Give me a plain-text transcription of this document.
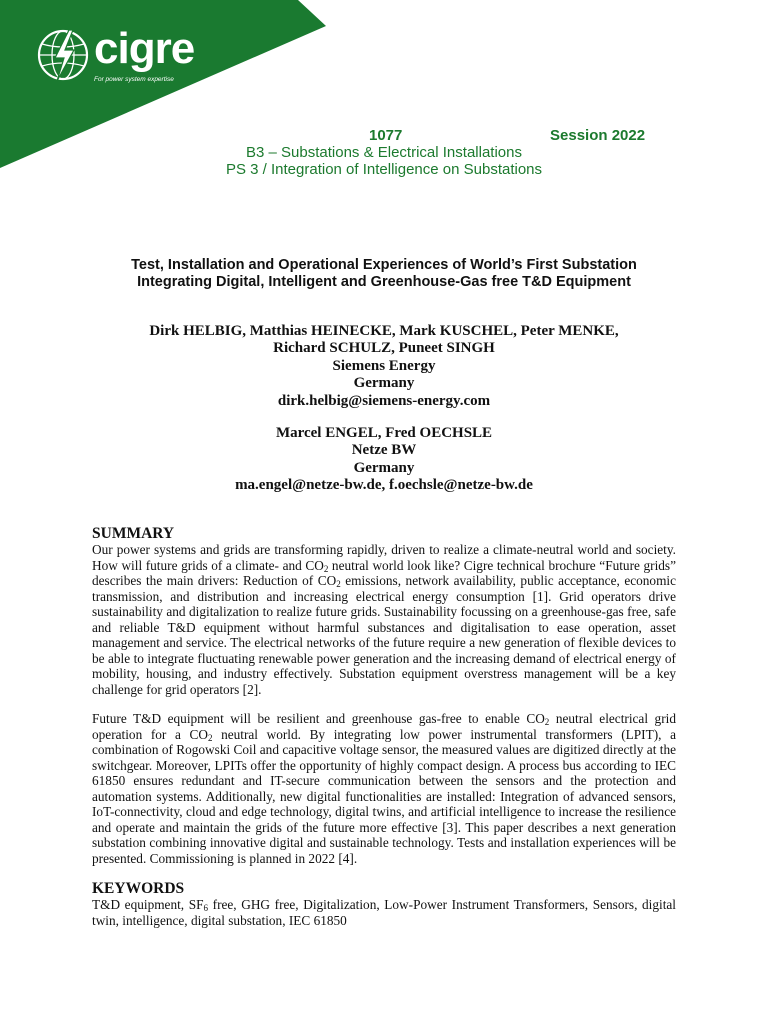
cigre
For power system expertise
1077	Session 2022
B3 – Substations & Electrical Installations
PS 3 / Integration of Intelligence on Substations
Test, Installation and Operational Experiences of World’s First Substation
Integrating Digital, Intelligent and Greenhouse-Gas free T&D Equipment
Dirk HELBIG, Matthias HEINECKE, Mark KUSCHEL, Peter MENKE,
Richard SCHULZ, Puneet SINGH
Siemens Energy
Germany
dirk.helbig@siemens-energy.com
Marcel ENGEL, Fred OECHSLE
Netze BW
Germany
ma.engel@netze-bw.de, f.oechsle@netze-bw.de
SUMMARY

Our power systems and grids are transforming rapidly, driven to realize a climate-neutral world and society. How will future grids of a climate- and $CO_2$ neutral world look like? Cigre technical brochure “Future grids” describes the main drivers: Reduction of $CO_2$ emissions, network availability, public acceptance, economic transmission, and distribution and increasing electrical energy consumption [1]. Grid operators drive sustainability and digitalization to realize future grids. Sustainability focussing on a greenhouse-gas free, safe and reliable T&D equipment without harmful substances and digitalisation to ease operation, asset management and service. The electrical networks of the future require a new generation of flexible devices to be able to integrate fluctuating renewable power generation and the increasing demand of electrical energy of mobility, housing, and industry effectively. Substation equipment overstress management will be a key challenge for grid operators [2].

Future T&D equipment will be resilient and greenhouse gas-free to enable $CO_2$ neutral electrical grid operation for a $CO_2$ neutral world. By integrating low power instrumental transformers (LPIT), a combination of Rogowski Coil and capacitive voltage sensor, the measured values are digitized directly at the switchgear. Moreover, LPITs offer the opportunity of highly compact design. A process bus according to IEC 61850 ensures redundant and IT-secure communication between the sensors and the protection and automation systems. Additionally, new digital functionalities are installed: Integration of advanced sensors, IoT-connectivity, cloud and edge technology, digital twins, and artificial intelligence to increase the resilience and operate and maintain the grids of the future more effective [3]. This paper describes a next generation substation combining innovative digital and sustainable technology. Tests and installation experiences will be presented. Commissioning is planned in 2022 [4].

KEYWORDS

T&D equipment, $SF_6$ free, GHG free, Digitalization, Low-Power Instrument Transformers, Sensors, digital twin, intelligence, digital substation, IEC 61850
